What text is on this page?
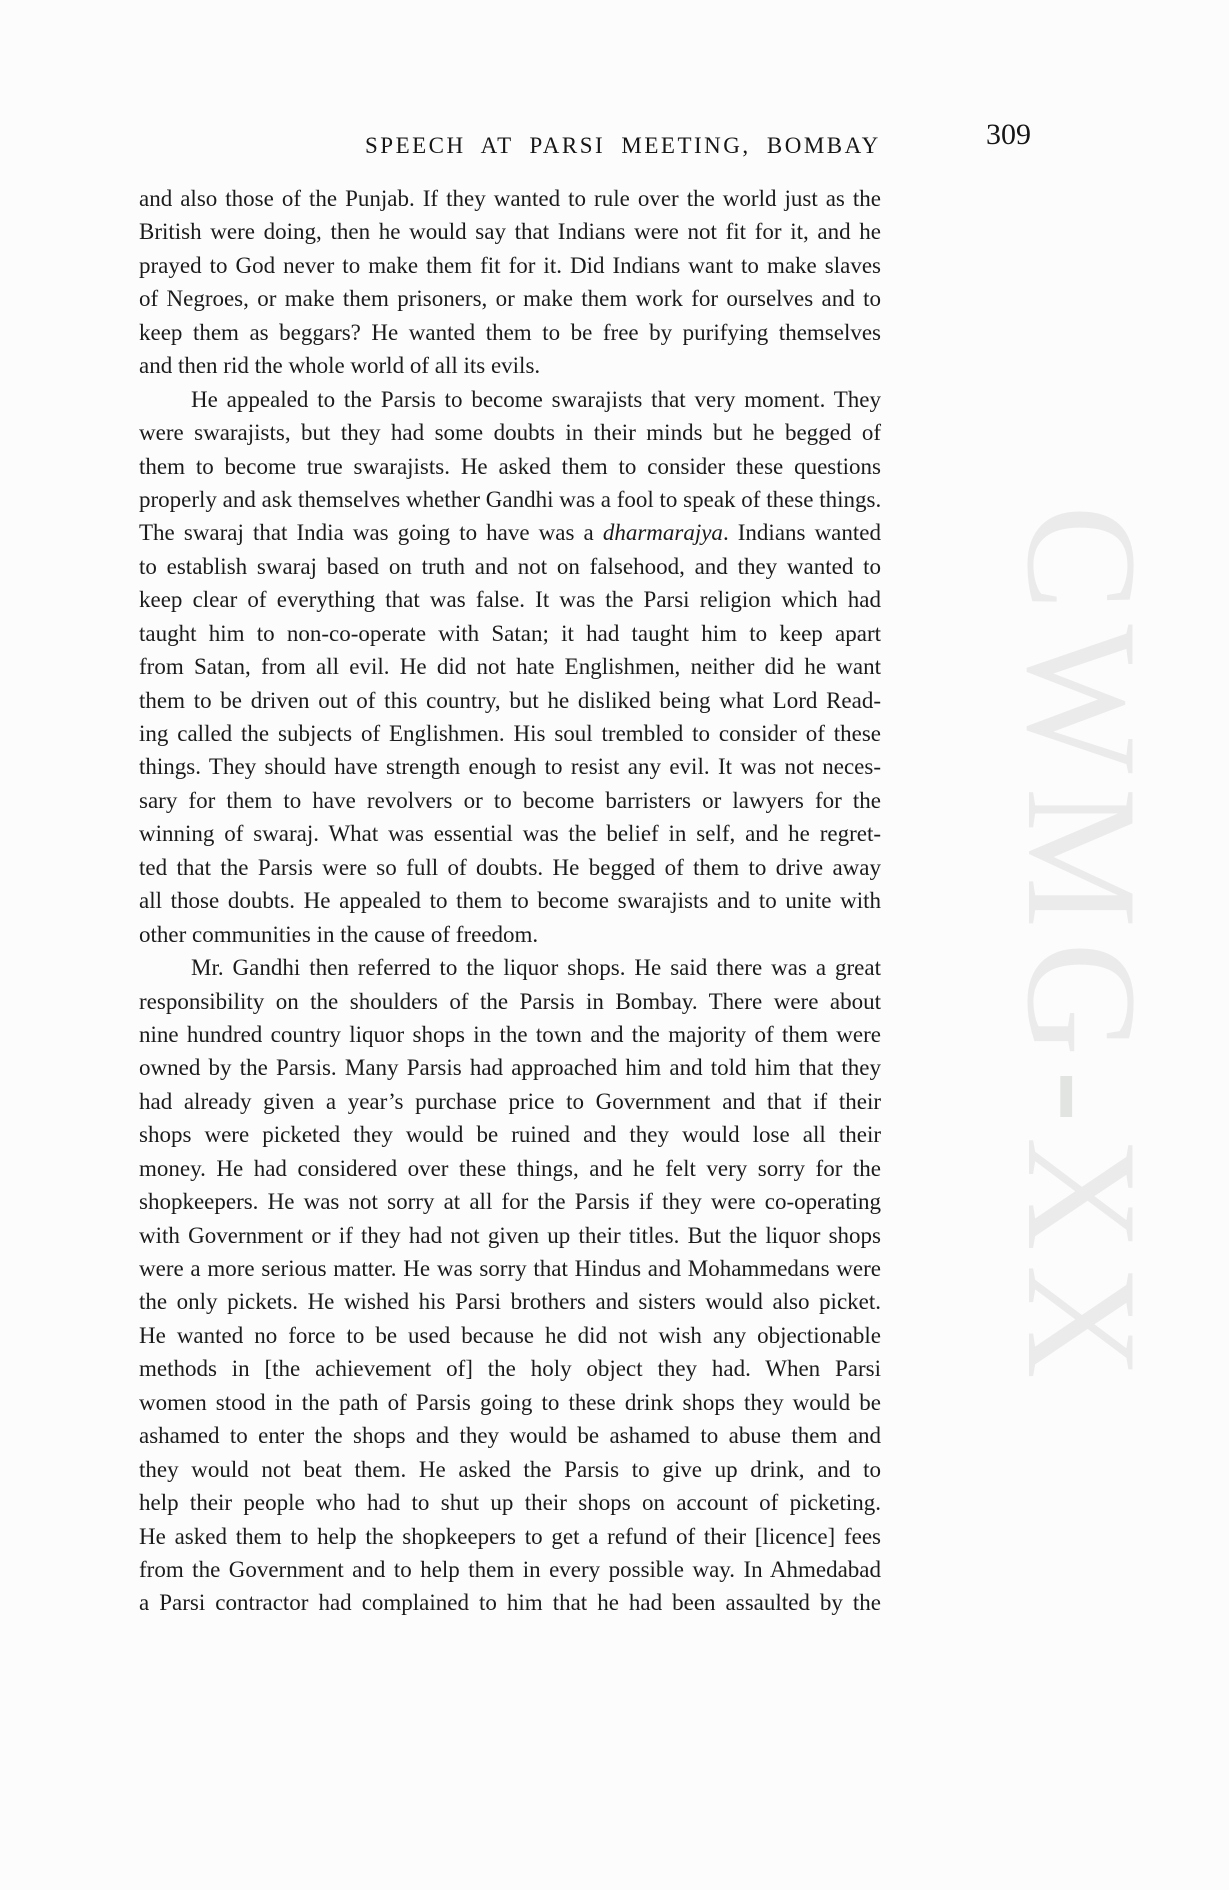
SPEECH AT PARSI MEETING, BOMBAY	309
CWMG-XX
and also those of the Punjab. If they wanted to rule over the world just as the
British were doing, then he would say that Indians were not fit for it, and he
prayed to God never to make them fit for it. Did Indians want to make slaves
of Negroes, or make them prisoners, or make them work for ourselves and to
keep them as beggars? He wanted them to be free by purifying themselves
and then rid the whole world of all its evils.
He appealed to the Parsis to become swarajists that very moment. They
were swarajists, but they had some doubts in their minds but he begged of
them to become true swarajists. He asked them to consider these questions
properly and ask themselves whether Gandhi was a fool to speak of these things.
The swaraj that India was going to have was a dharmarajya. Indians wanted
to establish swaraj based on truth and not on falsehood, and they wanted to
keep clear of everything that was false. It was the Parsi religion which had
taught him to non-co-operate with Satan; it had taught him to keep apart
from Satan, from all evil. He did not hate Englishmen, neither did he want
them to be driven out of this country, but he disliked being what Lord Read-
ing called the subjects of Englishmen. His soul trembled to consider of these
things. They should have strength enough to resist any evil. It was not neces-
sary for them to have revolvers or to become barristers or lawyers for the
winning of swaraj. What was essential was the belief in self, and he regret-
ted that the Parsis were so full of doubts. He begged of them to drive away
all those doubts. He appealed to them to become swarajists and to unite with
other communities in the cause of freedom.
Mr. Gandhi then referred to the liquor shops. He said there was a great
responsibility on the shoulders of the Parsis in Bombay. There were about
nine hundred country liquor shops in the town and the majority of them were
owned by the Parsis. Many Parsis had approached him and told him that they
had already given a year’s purchase price to Government and that if their
shops were picketed they would be ruined and they would lose all their
money. He had considered over these things, and he felt very sorry for the
shopkeepers. He was not sorry at all for the Parsis if they were co-operating
with Government or if they had not given up their titles. But the liquor shops
were a more serious matter. He was sorry that Hindus and Mohammedans were
the only pickets. He wished his Parsi brothers and sisters would also picket.
He wanted no force to be used because he did not wish any objectionable
methods in [the achievement of] the holy object they had. When Parsi
women stood in the path of Parsis going to these drink shops they would be
ashamed to enter the shops and they would be ashamed to abuse them and
they would not beat them. He asked the Parsis to give up drink, and to
help their people who had to shut up their shops on account of picketing.
He asked them to help the shopkeepers to get a refund of their [licence] fees
from the Government and to help them in every possible way. In Ahmedabad
a Parsi contractor had complained to him that he had been assaulted by the
